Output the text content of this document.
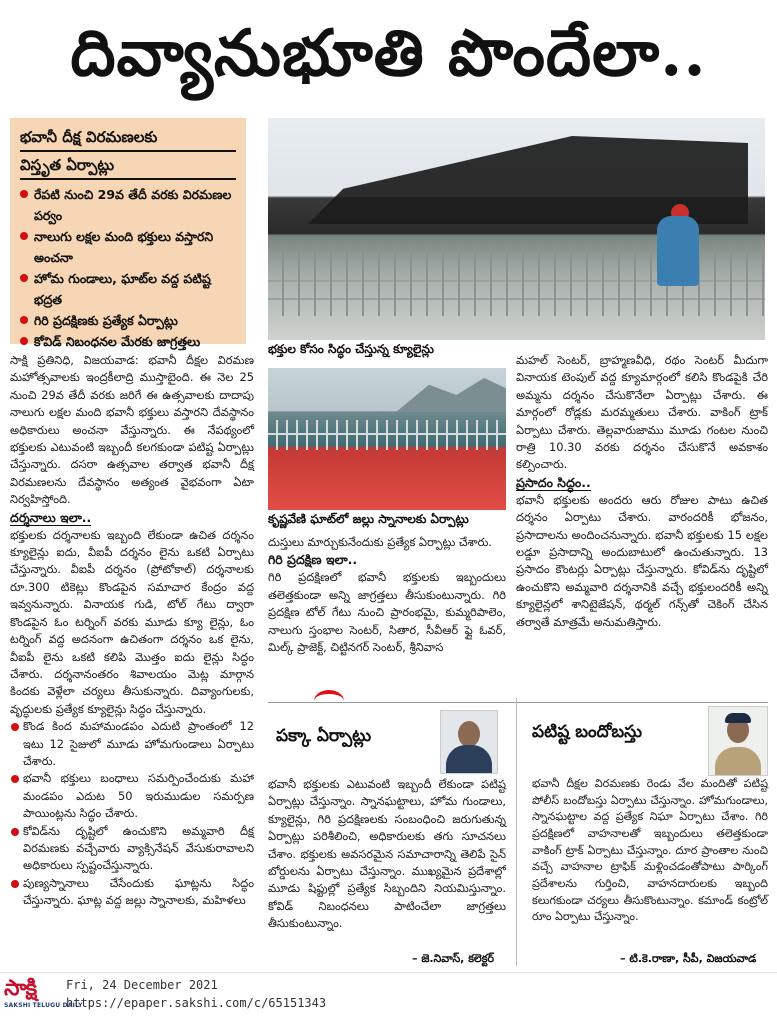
దివ్యానుభూతి పొందేలా..
భవానీ దీక్ష విరమణలకు
విస్తృత ఏర్పాట్లు
రేపటి నుంచి 29వ తేదీ వరకు విరమణల పర్వం
నాలుగు లక్షల మంది భక్తులు వస్తారని అంచనా
హోమ గుండాలు, ఘాట్‌ల వద్ద పటిష్ట భద్రత
గిరి ప్రదక్షిణకు ప్రత్యేక ఏర్పాట్లు
కోవిడ్ నిబంధనల మేరకు జాగ్రత్తలు	భక్తుల కోసం సిద్ధం చేస్తున్న క్యూలైన్లు
కృష్ణవేణి ఘాట్‌లో జల్లు స్నానాలకు ఏర్పాట్లు

సాక్షి ప్రతినిధి, విజయవాడ: భవానీ దీక్షల విరమణ మహోత్సవాలకు ఇంద్రకీలాద్రి ముస్తాబైంది. ఈ నెల 25 నుంచి 29వ తేదీ వరకు జరిగే ఈ ఉత్సవాలకు దాదాపు నాలుగు లక్షల మంది భవానీ భక్తులు వస్తారని దేవస్థానం అధికారులు అంచనా వేస్తున్నారు. ఈ నేపథ్యంలో భక్తులకు ఎటువంటి ఇబ్బందీ కలగకుండా పటిష్ట ఏర్పాట్లు చేస్తున్నారు. దసరా ఉత్సవాల తర్వాత భవానీ దీక్ష విరమణలను దేవస్థానం అత్యంత వైభవంగా ఏటా నిర్వహిస్తోంది.

దర్శనాలు ఇలా..

భక్తులకు దర్శనాలకు ఇబ్బంది లేకుండా ఉచిత దర్శనం క్యూలైన్లు ఐదు, వీఐపీ దర్శనం లైను ఒకటి ఏర్పాటు చేస్తున్నారు. వీఐపీ దర్శనం (ప్రోటోకాల్) దర్శనాలకు రూ.300 టికెట్లు కొండపైన సమాచార కేంద్రం వద్ద ఇవ్వనున్నారు. వినాయక గుడి, టోల్ గేటు ద్వారా కొండపైన ఓం టర్నింగ్ వరకు మూడు క్యూ లైన్లు, ఓం టర్నింగ్ వద్ద అదనంగా ఉచితంగా దర్శనం ఒక లైను, వీఐపీ లైను ఒకటి కలిపి మొత్తం ఐదు లైన్లు సిద్ధం చేశారు. దర్శనానంతరం శివాలయం మెట్ల మార్గాన కిందకు వెళ్లేలా చర్యలు తీసుకున్నారు. దివ్యాంగులకు, వృద్ధులకు ప్రత్యేక క్యూలైన్లు సిద్ధం చేస్తున్నారు.

కొండ కింద మహామండపం ఎదుటి ప్రాంతంలో 12 ఇటు 12 సైజులో మూడు హోమగుండాలు ఏర్పాటు చేశారు.

భవానీ భక్తులు బంధాలు సమర్పించేందుకు మహా మండపం ఎదుట 50 ఇరుముడుల సమర్పణ పాయింట్లను సిద్ధం చేశారు.

కోవిడ్‌ను దృష్టిలో ఉంచుకొని అమ్మవారి దీక్ష విరమణకు వచ్చేవారు వ్యాక్సినేషన్ వేసుకురావాలని అధికారులు స్పష్టంచేస్తున్నారు.

పుణ్యస్నానాలు చేసేందుకు ఘాట్లను సిద్ధం చేస్తున్నారు. ఘాట్ల వద్ద జల్లు స్నానాలకు, మహిళలు

దుస్తులు మార్చుకునేందుకు ప్రత్యేక ఏర్పాట్లు చేశారు.

గిరి ప్రదక్షిణ ఇలా..

గిరి ప్రదక్షిణలో భవానీ భక్తులకు ఇబ్బందులు తలెత్తకుండా అన్ని జాగ్రత్తలు తీసుకుంటున్నారు. గిరి ప్రదక్షిణ టోల్ గేటు నుంచి ప్రారంభమై, కుమ్మరిపాలెం, నాలుగు స్తంభాల సెంటర్, సితార, సీవీఆర్ ఫ్లై ఓవర్, మిల్క్ ప్రాజెక్ట్, చిట్టినగర్ సెంటర్, శ్రీనివాస

మహల్ సెంటర్, బ్రాహ్మణవీధి, రథం సెంటర్ మీదుగా వినాయక టెంపుల్ వద్ద క్యూమార్గంలో కలిసి కొండపైకి చేరి అమ్మను దర్శనం చేసుకొనేలా ఏర్పాట్లు చేశారు. ఈ మార్గంలో రోడ్లకు మరమ్మతులు చేశారు. వాకింగ్ ట్రాక్ ఏర్పాటు చేశారు. తెల్లవారుజాము మూడు గంటల నుంచి రాత్రి 10.30 వరకు దర్శనం చేసుకొనే అవకాశం కల్పించారు.

ప్రసాదం సిద్ధం..

భవానీ భక్తులకు అందరు ఆరు రోజుల పాటు ఉచిత దర్శనం ఏర్పాటు చేశారు. వారందరికీ భోజనం, ప్రసాదాలను అందించనున్నారు. భవానీ భక్తులకు 15 లక్షల లడ్డూ ప్రసాదాన్ని అందుబాటులో ఉంచుతున్నారు. 13 ప్రసాదం కౌంటర్లు ఏర్పాట్లు చేస్తున్నారు. కోవిడ్‌ను దృష్టిలో ఉంచుకొని అమ్మవారి దర్శనానికి వచ్చే భక్తులందరికీ అన్ని క్యూలైన్లలో శానిటైజేషన్, థర్మల్ గన్స్‌తో చెకింగ్ చేసిన తర్వాతే మాత్రమే అనుమతిస్తారు.

పక్కా ఏర్పాట్లు

భవానీ భక్తులకు ఎటువంటి ఇబ్బందీ లేకుండా పటిష్ట ఏర్పాట్లు చేస్తున్నాం. స్నానఘట్టాలు, హోమ గుండాలు, క్యూలైన్లు, గిరి ప్రదక్షిణలకు సంబంధించి జరుగుతున్న ఏర్పాట్లు పరిశీలించి, అధికారులకు తగు సూచనలు చేశాం. భక్తులకు అవసరమైన సమాచారాన్ని తెలిపే సైన్ బోర్డులను ఏర్పాటు చేస్తున్నాం. ముఖ్యమైన ప్రదేశాల్లో మూడు షిఫ్టుల్లో ప్రత్యేక సిబ్బందిని నియమిస్తున్నాం. కోవిడ్ నిబంధనలు పాటించేలా జాగ్రత్తలు తీసుకుంటున్నాం.

– జె.నివాస్, కలెక్టర్
పటిష్ట బందోబస్తు

భవానీ దీక్షల విరమణకు రెండు వేల మందితో పటిష్ట పోలీస్ బందోబస్తు ఏర్పాటు చేస్తున్నాం. హోమగుండాలు, స్నానఘట్టాల వద్ద ప్రత్యేక నిఘా ఏర్పాటు చేశాం. గిరి ప్రదక్షిణలో వాహనాలతో ఇబ్బందులు తలెత్తకుండా వాకింగ్ ట్రాక్ ఏర్పాటు చేస్తున్నాం. దూర ప్రాంతాల నుంచి వచ్చే వాహనాల ట్రాఫిక్ మళ్లించడంతోపాటు పార్కింగ్ ప్రదేశాలను గుర్తించి, వాహనదారులకు ఇబ్బంది కలుగకుండా చర్యలు తీసుకొంటున్నాం. కమాండ్ కంట్రోల్ రూం ఏర్పాటు చేస్తున్నాం.

– టి.కె.రాణా, సీపీ, విజయవాడ
సాక్షి
SAKSHI TELUGU DAILY
Fri, 24 December 2021
https://epaper.sakshi.com/c/65151343
